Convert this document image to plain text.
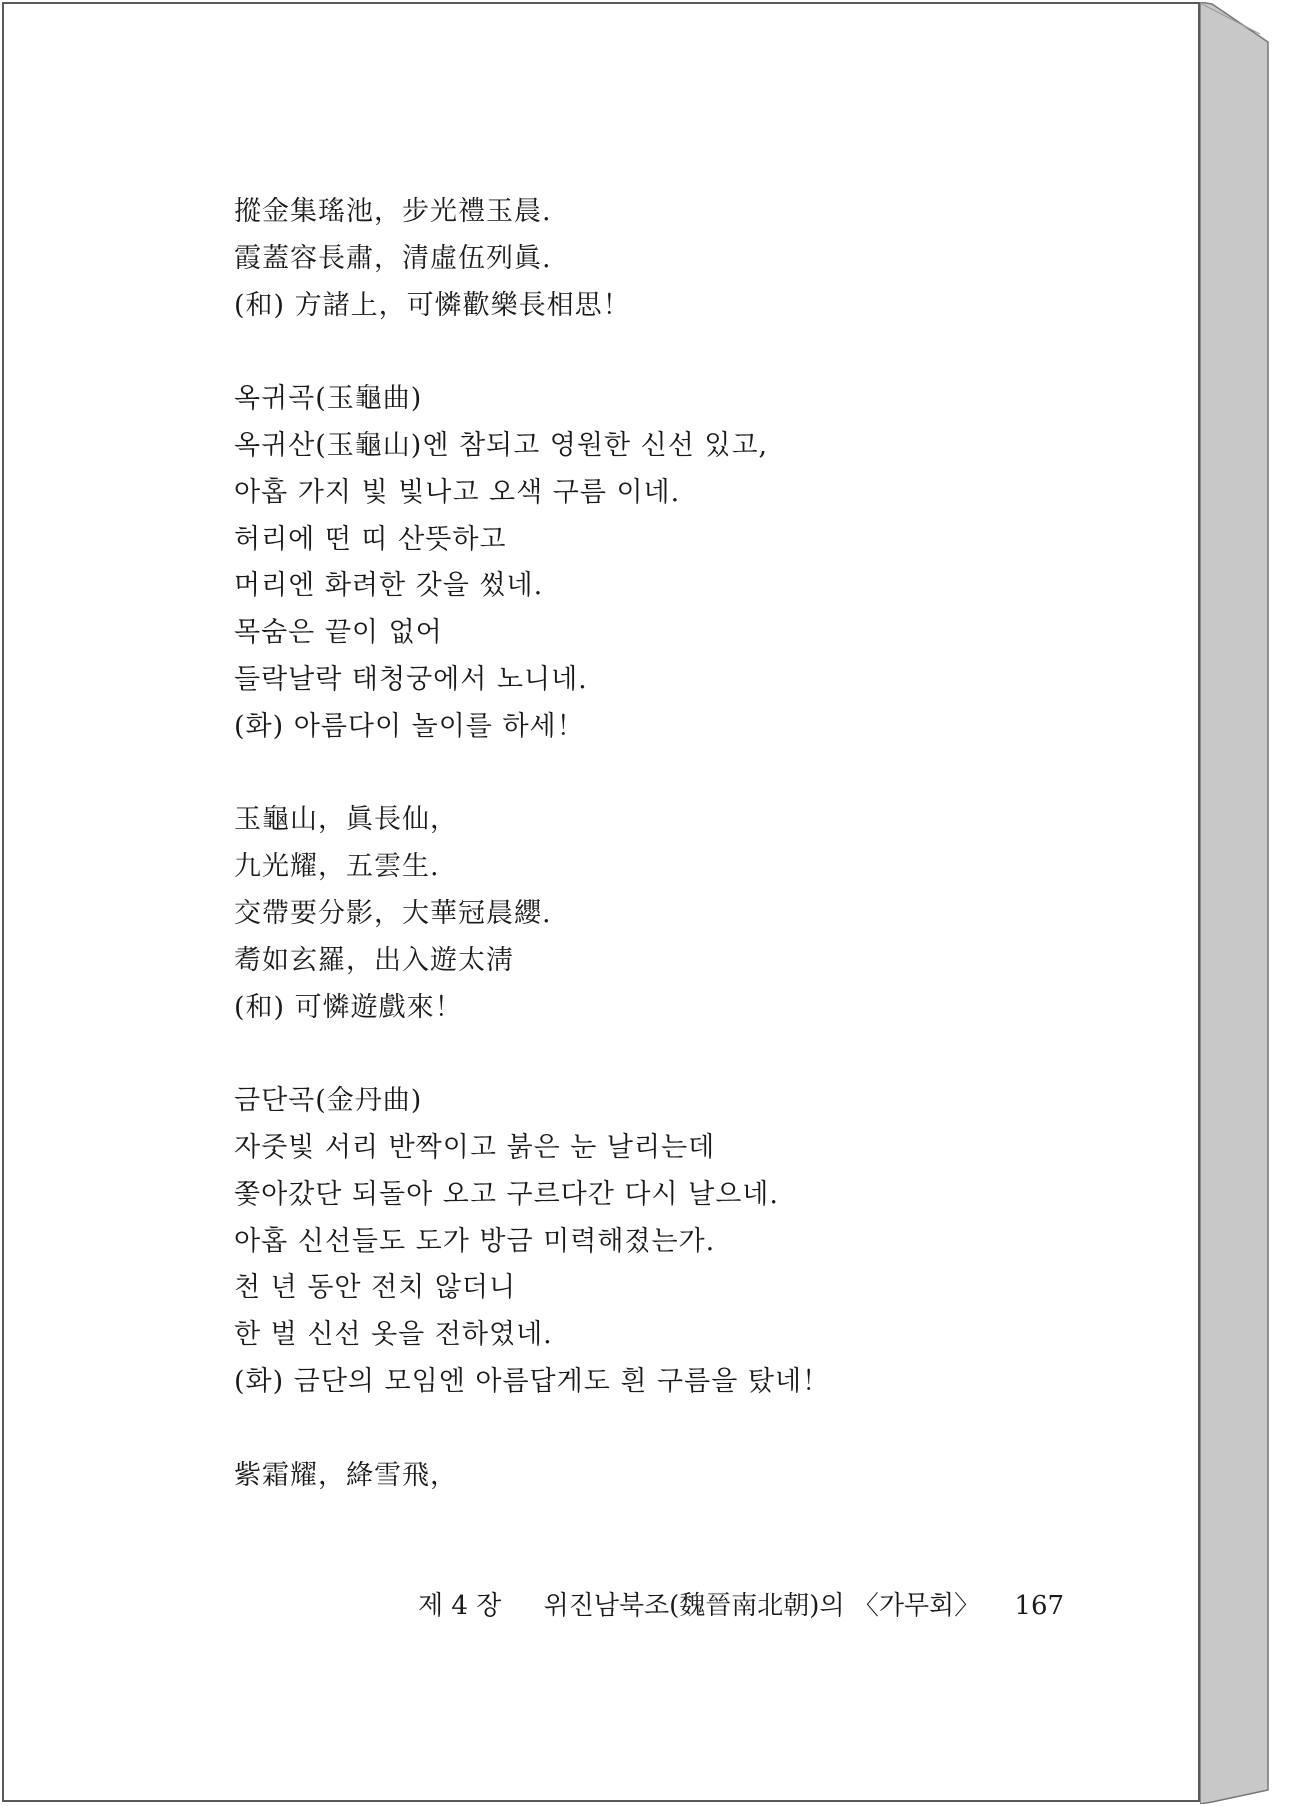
摐金集瑤池，步光禮玉晨.
霞蓋容長肅，清虛伍列眞.
(和) 方諸上，可憐歡樂長相思！
옥귀곡(玉龜曲)
옥귀산(玉龜山)엔 참되고 영원한 신선 있고,
아홉 가지 빛 빛나고 오색 구름 이네.
허리에 떤 띠 산뜻하고
머리엔 화려한 갓을 썼네.
목숨은 끝이 없어
들락날락 태청궁에서 노니네.
(화) 아름다이 놀이를 하세！
玉龜山，眞長仙，
九光耀，五雲生.
交帶要分影，大華冠晨纓.
耈如玄羅，出入遊太淸
(和) 可憐遊戲來！
금단곡(金丹曲)
자줏빛 서리 반짝이고 붉은 눈 날리는데
쫓아갔단 되돌아 오고 구르다간 다시 날으네.
아홉 신선들도 도가 방금 미력해졌는가.
천 년 동안 전치 않더니
한 벌 신선 옷을 전하였네.
(화) 금단의 모임엔 아름답게도 흰 구름을 탔네！
紫霜耀，絳雪飛，
제 4 장 위진남북조(魏晉南北朝)의 〈가무회〉 167
